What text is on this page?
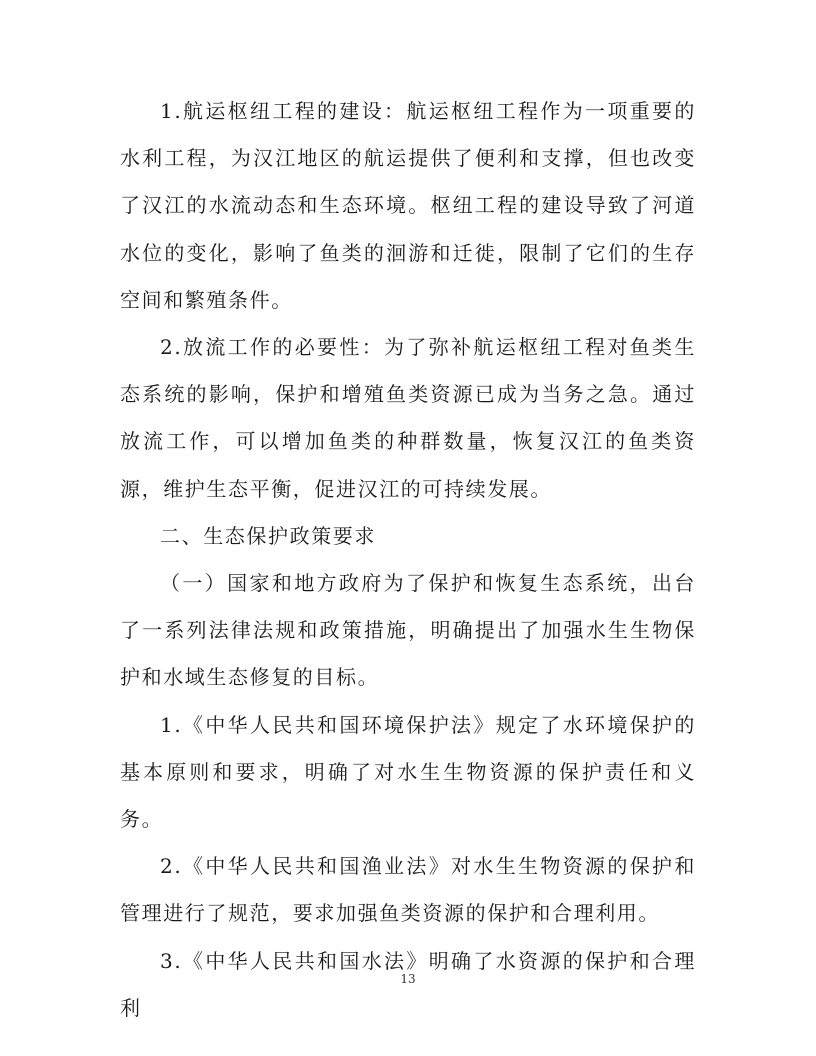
1.航运枢纽工程的建设：航运枢纽工程作为一项重要的水利工程，为汉江地区的航运提供了便利和支撑，但也改变了汉江的水流动态和生态环境。枢纽工程的建设导致了河道水位的变化，影响了鱼类的洄游和迁徙，限制了它们的生存空间和繁殖条件。

2.放流工作的必要性：为了弥补航运枢纽工程对鱼类生态系统的影响，保护和增殖鱼类资源已成为当务之急。通过放流工作，可以增加鱼类的种群数量，恢复汉江的鱼类资源，维护生态平衡，促进汉江的可持续发展。

二、生态保护政策要求

（一）国家和地方政府为了保护和恢复生态系统，出台了一系列法律法规和政策措施，明确提出了加强水生生物保护和水域生态修复的目标。

1.《中华人民共和国环境保护法》规定了水环境保护的基本原则和要求，明确了对水生生物资源的保护责任和义务。

2.《中华人民共和国渔业法》对水生生物资源的保护和管理进行了规范，要求加强鱼类资源的保护和合理利用。

3.《中华人民共和国水法》明确了水资源的保护和合理利

13
